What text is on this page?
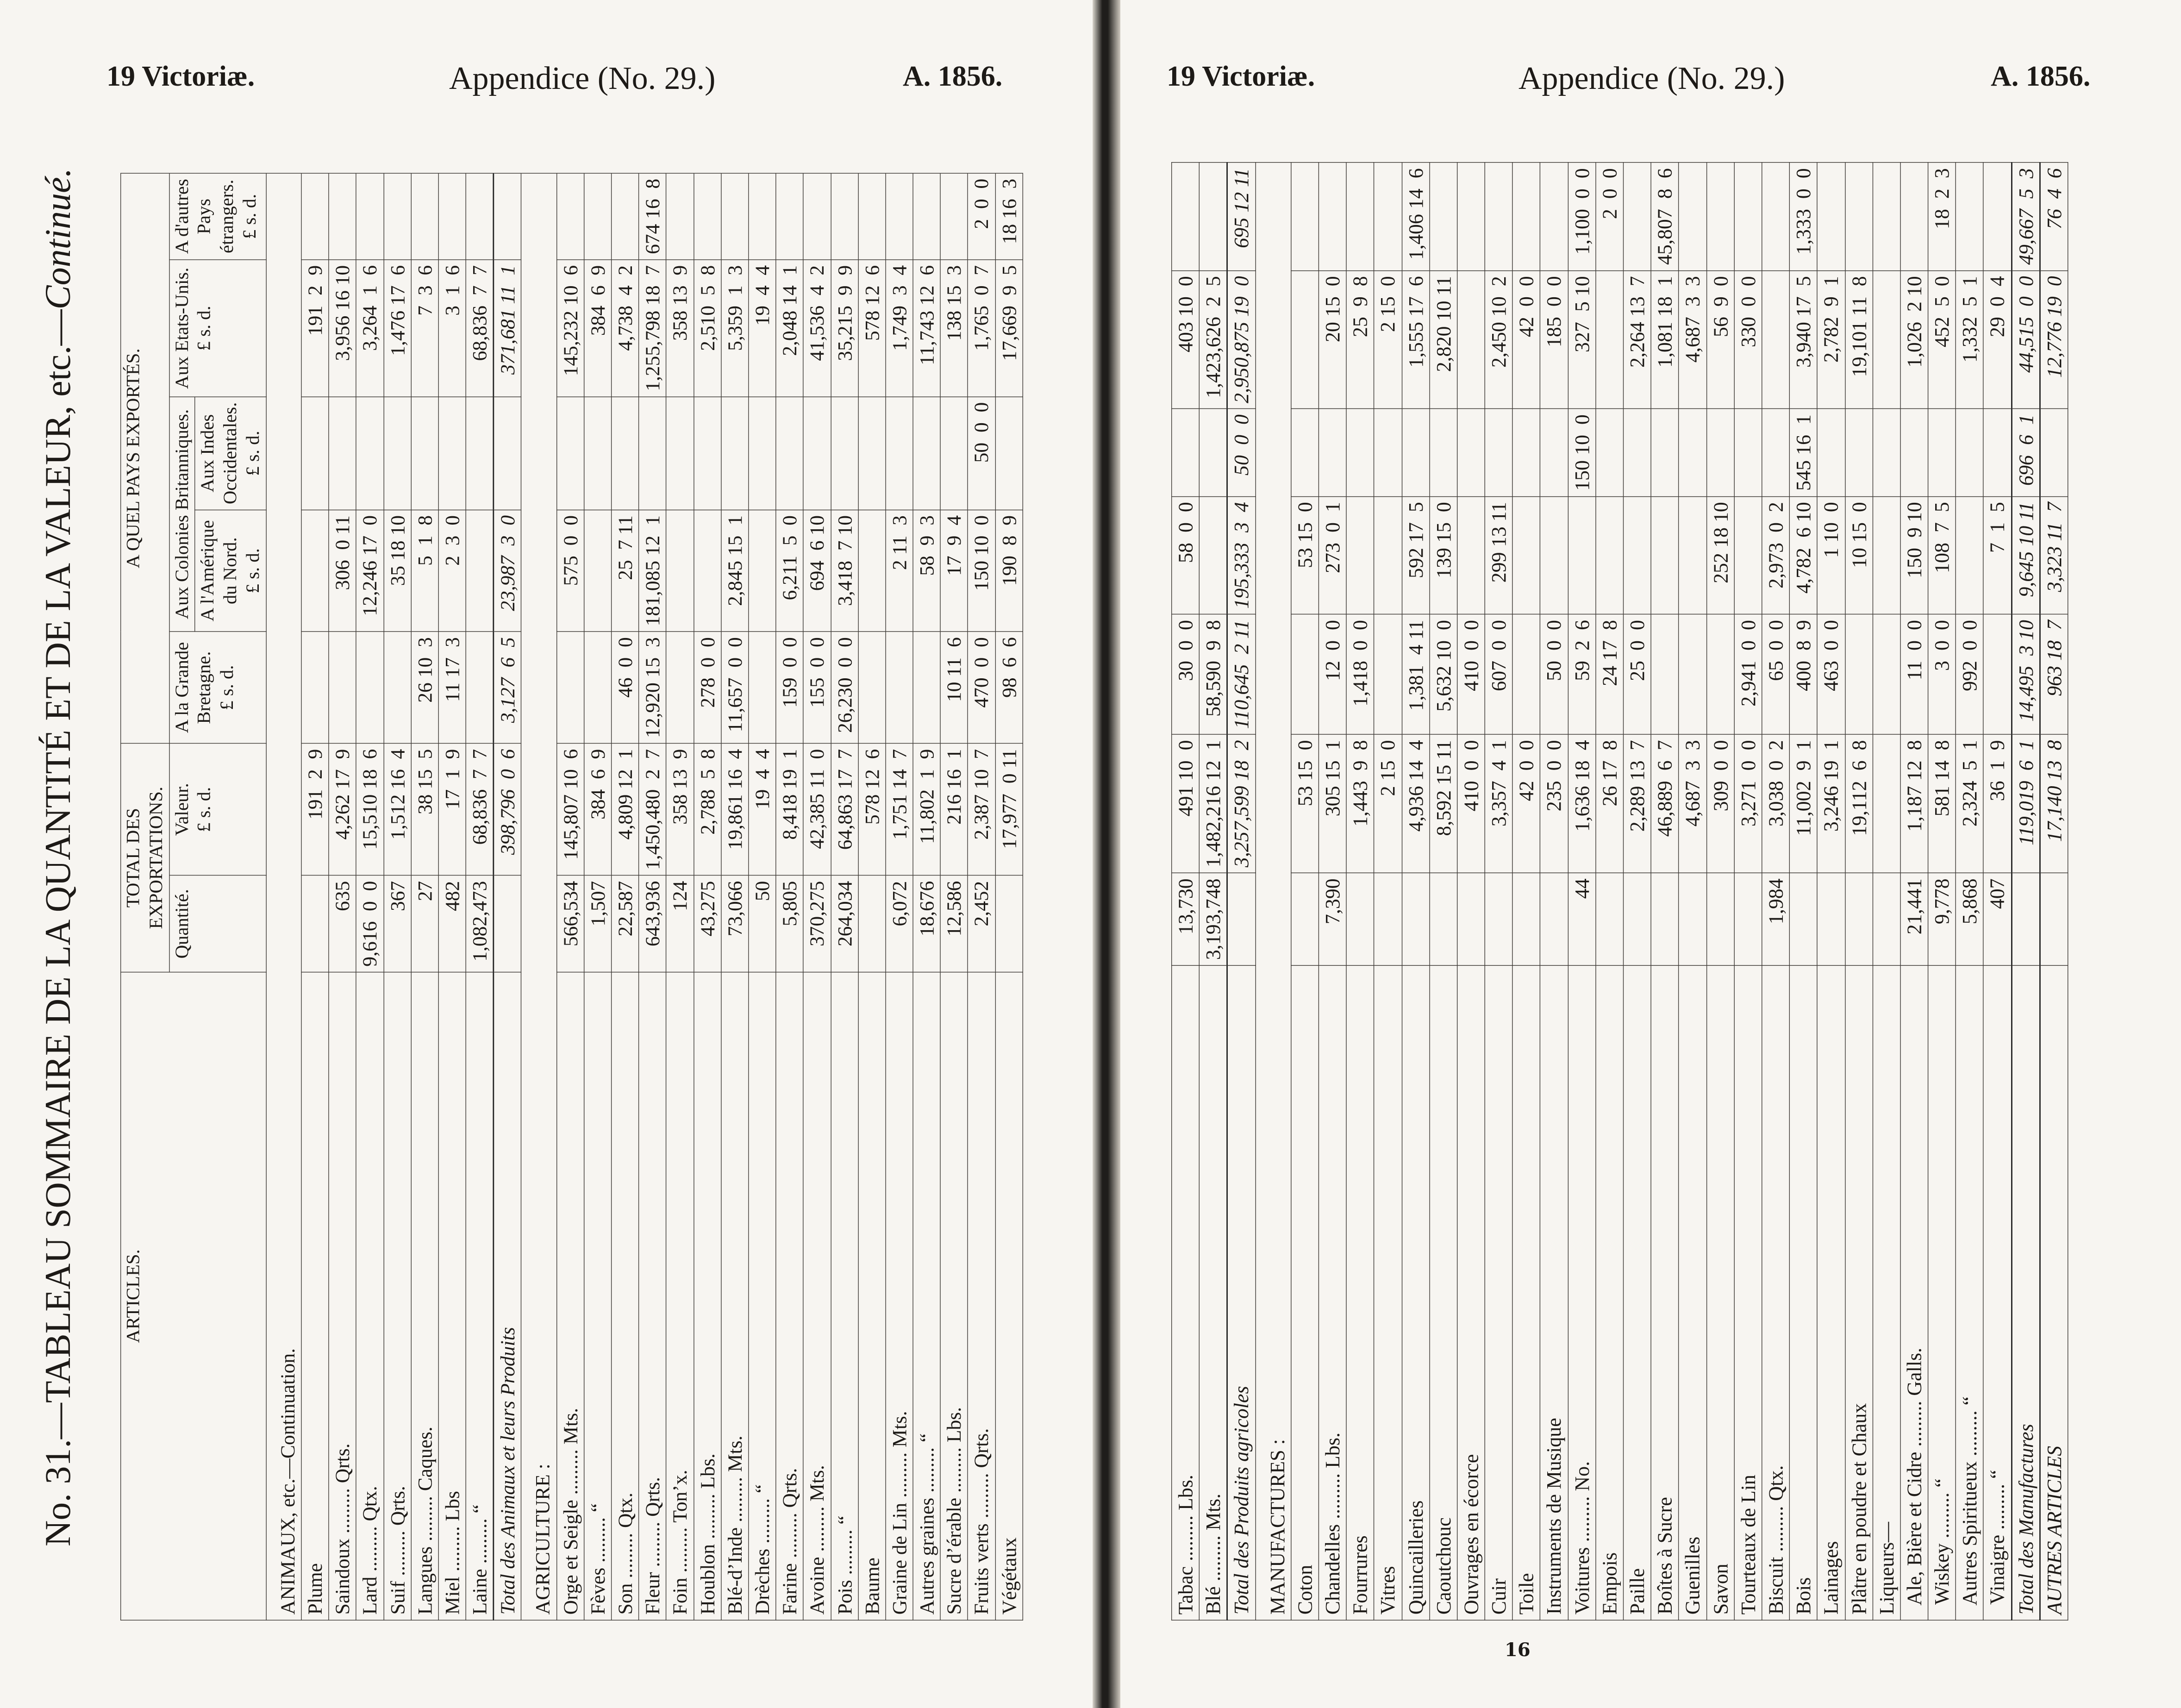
19 Victoriæ.	Appendice (No. 29.)	A. 1856.
No. 31.—TABLEAU SOMMAIRE DE LA QUANTITÉ ET DE LA VALEUR, etc.—Continué.
ARTICLES.	TOTAL DES EXPORTATIONS.		A QUEL PAYS EXPORTÉS.				
	Quantité.	Valeur. £ s. d.	A la Grande Bretagne. £ s. d.	Aux Colonies Britanniques.		Aux Etats-Unis. £ s. d.	A d'autres Pays étrangers. £ s. d.
				A l'Amérique du Nord. £ s. d.	Aux Indes Occidentales. £ s. d.		
ANIMAUX, etc.—Continuation.							
Plume		191  2  9				191  2  9	
Saindoux ......... Qrts.	635	4,262 17  9		306  0 11		3,956 16 10	
Lard ......... Qtx.	9,616  0  0	15,510 18  6		12,246 17  0		3,264  1  6	
Suif ......... Qrts.	367	1,512 16  4		35 18 10		1,476 17  6	
Langues ......... Caques.	27	38 15  5	26 10  3	5  1  8		7  3  6	
Miel ......... Lbs	482	17  1  9	11 17  3	2  3  0		3  1  6	
Laine ......... “	1,082,473	68,836  7  7				68,836  7  7	
Total des Animaux et leurs Produits		398,796  0  6	3,127  6  5	23,987  3  0		371,681 11  1	
AGRICULTURE :							
Orge et Seigle ......... Mts.	566,534	145,807 10  6		575  0  0		145,232 10  6	
Fèves ......... “	1,507	384  6  9				384  6  9	
Son ......... Qtx.	22,587	4,809 12  1	46  0  0	25  7 11		4,738  4  2	
Fleur ......... Qrts.	643,936	1,450,480  2  7	12,920 15  3	181,085 12  1		1,255,798 18  7	674 16  8
Foin ......... Ton’x.	124	358 13  9				358 13  9	
Houblon ......... Lbs.	43,275	2,788  5  8	278  0  0			2,510  5  8	
Blé-d’Inde ......... Mts.	73,066	19,861 16  4	11,657  0  0	2,845 15  1		5,359  1  3	
Drèches ......... “	50	19  4  4				19  4  4	
Farine ......... Qrts.	5,805	8,418 19  1	159  0  0	6,211  5  0		2,048 14  1	
Avoine ......... Mts.	370,275	42,385 11  0	155  0  0	694  6 10		41,536  4  2	
Pois ......... “	264,034	64,863 17  7	26,230  0  0	3,418  7 10		35,215  9  9	
Baume		578 12  6				578 12  6	
Graine de Lin ......... Mts.	6,072	1,751 14  7		2 11  3		1,749  3  4	
Autres graines ......... “	18,676	11,802  1  9		58  9  3		11,743 12  6	
Sucre d’érable ......... Lbs.	12,586	216 16  1	10 11  6	17  9  4		138 15  3	
Fruits verts ......... Qrts.	2,452	2,387 10  7	470  0  0	150 10  0	50  0  0	1,765  0  7	2  0  0
Végétaux		17,977  0 11	98  6  6	190  8  9		17,669  9  5	18 16  3
19 Victoriæ.	Appendice (No. 29.)	A. 1856.
Tabac ......... Lbs.	13,730	491 10  0	30  0  0	58  0  0		403 10  0	
Blé ......... Mts.	3,193,748	1,482,216 12  1	58,590  9  8			1,423,626  2  5	
Total des Produits agricoles		3,257,599 18  2	110,645  2 11	195,333  3  4	50  0  0	2,950,875 19  0	695 12 11
MANUFACTURES :							
Coton		53 15  0		53 15  0			
Chandelles ......... Lbs.	7,390	305 15  1	12  0  0	273  0  1		20 15  0	
Fourrures		1,443  9  8	1,418  0  0			25  9  8	
Vitres		2 15  0				2 15  0	
Quincailleries		4,936 14  4	1,381  4 11	592 17  5		1,555 17  6	1,406 14  6
Caoutchouc		8,592 15 11	5,632 10  0	139 15  0		2,820 10 11	
Ouvrages en écorce		410  0  0	410  0  0				
Cuir		3,357  4  1	607  0  0	299 13 11		2,450 10  2	
Toile		42  0  0				42  0  0	
Instruments de Musique		235  0  0	50  0  0			185  0  0	
Voitures ......... No.	44	1,636 18  4	59  2  6		150 10  0	327  5 10	1,100  0  0
Empois		26 17  8	24 17  8				2  0  0
Paille		2,289 13  7	25  0  0			2,264 13  7	
Boîtes à Sucre		46,889  6  7				1,081 18  1	45,807  8  6
Guenilles		4,687  3  3				4,687  3  3	
Savon		309  0  0		252 18 10		56  9  0	
Tourteaux de Lin		3,271  0  0	2,941  0  0			330  0  0	
Biscuit ......... Qtx.	1,984	3,038  0  2	65  0  0	2,973  0  2			
Bois		11,002  9  1	400  8  9	4,782  6 10	545 16  1	3,940 17  5	1,333  0  0
Lainages		3,246 19  1	463  0  0	1 10  0		2,782  9  1	
Plâtre en poudre et Chaux		19,112  6  8		10 15  0		19,101 11  8	
Liqueurs—							
Ale, Bière et Cidre ......... Galls.	21,441	1,187 12  8	11  0  0	150  9 10		1,026  2 10	
Wiskey ......... “	9,778	581 14  8	3  0  0	108  7  5		452  5  0	18  2  3
Autres Spiritueux ......... “	5,868	2,324  5  1	992  0  0			1,332  5  1	
Vinaigre ......... “	407	36  1  9		7  1  5		29  0  4	
Total des Manufactures		119,019  6  1	14,495  3 10	9,645 10 11	696  6  1	44,515  0  0	49,667  5  3
AUTRES ARTICLES		17,140 13  8	963 18  7	3,323 11  7		12,776 19  0	76  4  6
16
